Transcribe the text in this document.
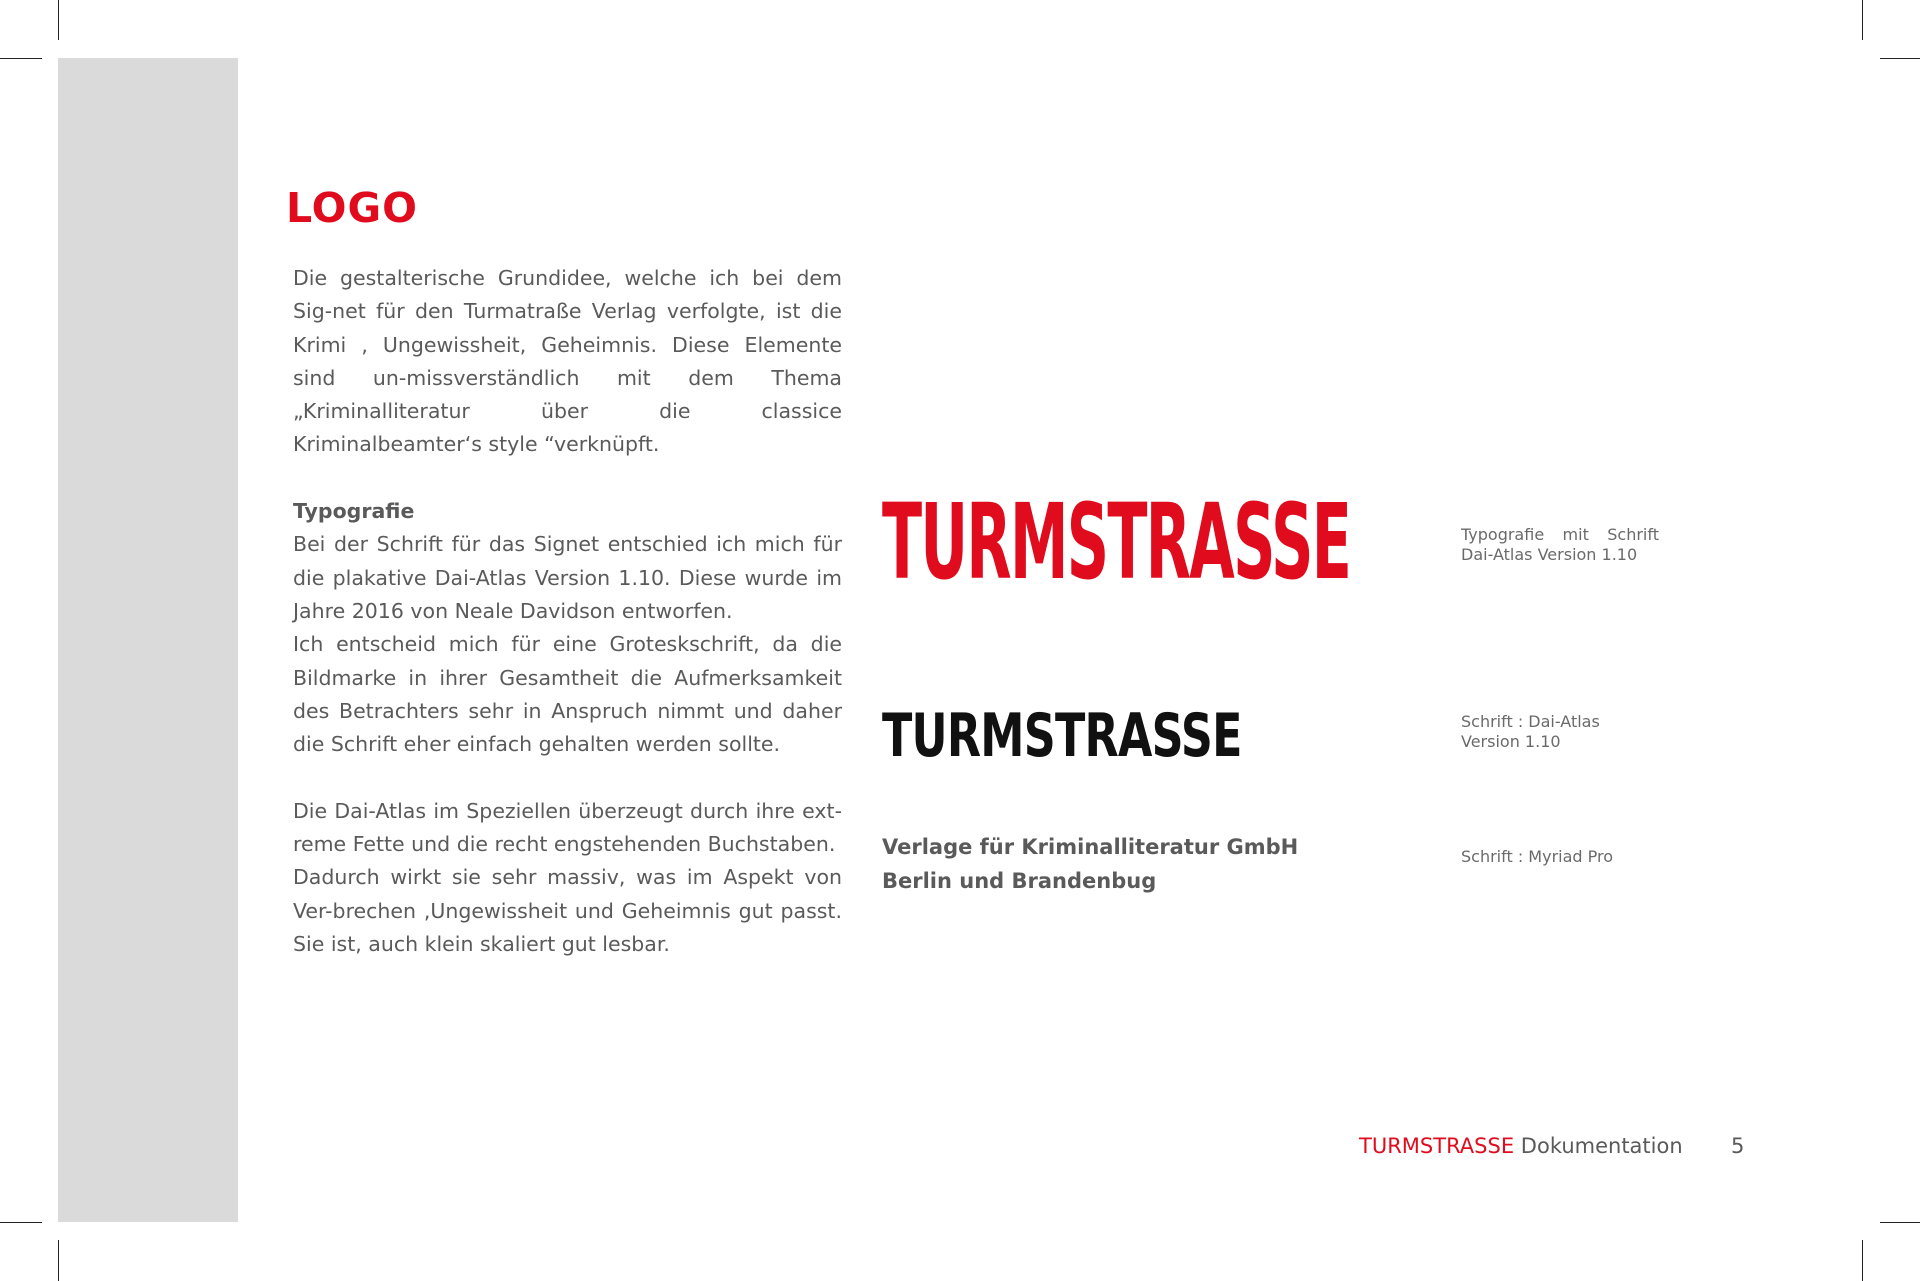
LOGO

Die gestalterische Grundidee, welche ich bei dem Sig-net für den Turmatraße Verlag verfolgte, ist die Krimi , Ungewissheit, Geheimnis. Diese Elemente sind un-missverständlich mit dem Thema „Kriminalliteratur über die classice Kriminalbeamter‘s style “verknüpft.

Typografie

Bei der Schrift für das Signet entschied ich mich für die plakative Dai-Atlas Version 1.10. Diese wurde im Jahre 2016 von Neale Davidson entworfen.

Ich entscheid mich für eine Groteskschrift, da die Bildmarke in ihrer Gesamtheit die Aufmerksamkeit des Betrachters sehr in Anspruch nimmt und daher die Schrift eher einfach gehalten werden sollte.

Die Dai-Atlas im Speziellen überzeugt durch ihre ext-reme Fette und die recht engstehenden Buchstaben.

Dadurch wirkt sie sehr massiv, was im Aspekt von Ver-brechen ,Ungewissheit und Geheimnis gut passt. Sie ist, auch klein skaliert gut lesbar.

TURMSTRASSE
TURMSTRASSE

Verlage für Kriminalliteratur GmbH

Berlin und Brandenbug

Typografie mit Schrift

Dai-Atlas Version 1.10

Schrift : Dai-Atlas

Version 1.10

Schrift : Myriad Pro

TURMSTRASSE Dokumentation 5
